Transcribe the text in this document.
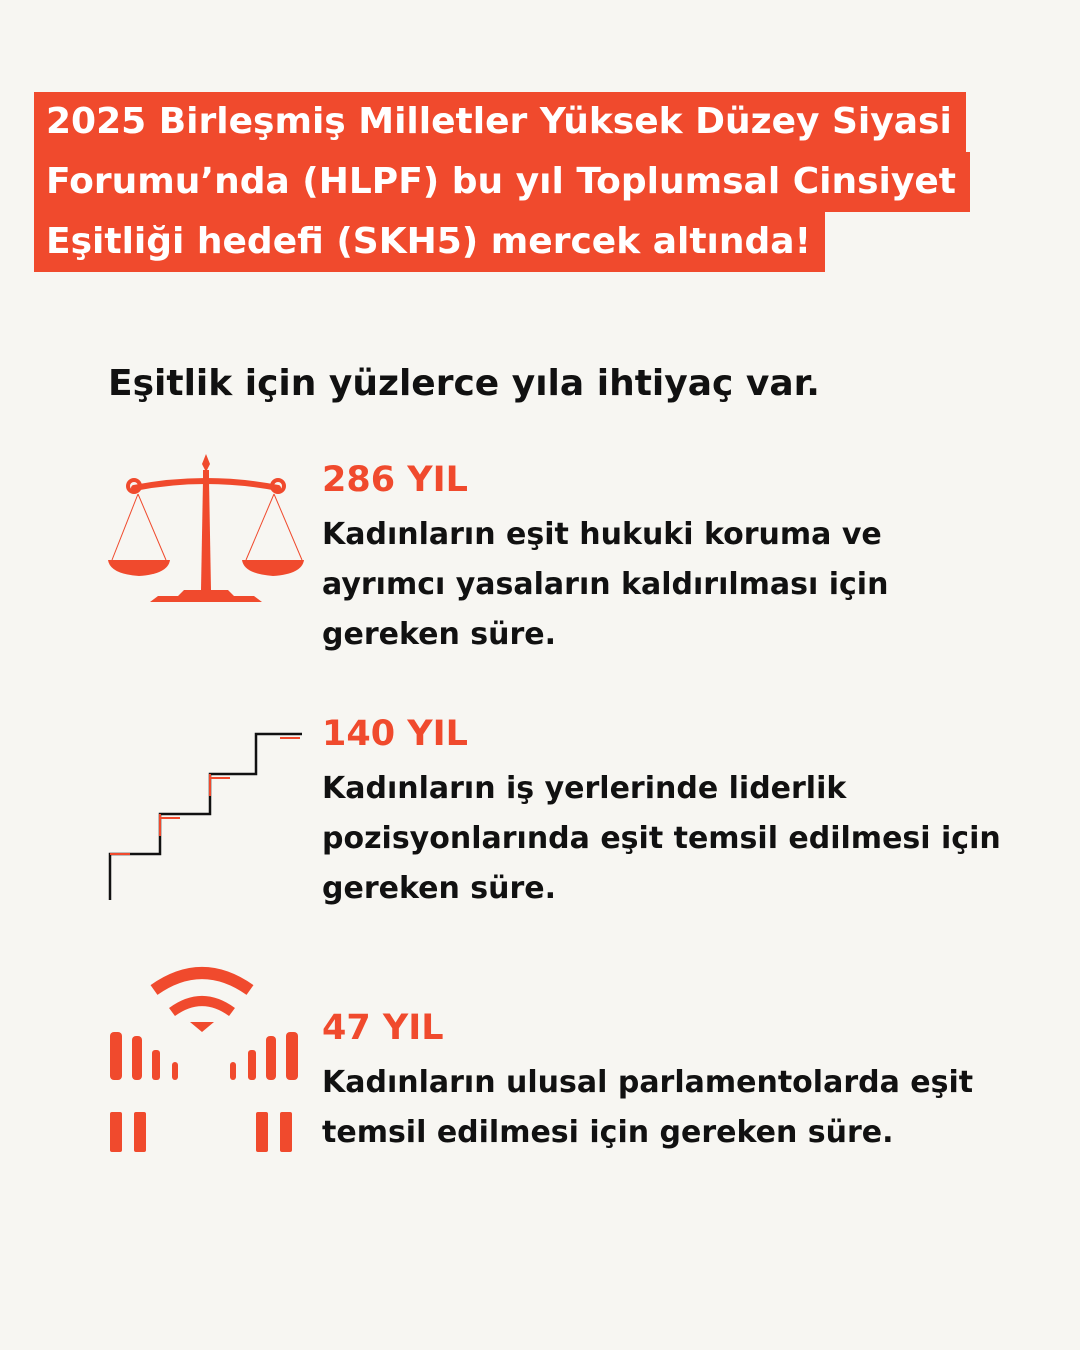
2025 Birleşmiş Milletler Yüksek Düzey Siyasi
Forumu’nda (HLPF) bu yıl Toplumsal Cinsiyet
Eşitliği hedefi (SKH5) mercek altında!
Eşitlik için yüzlerce yıla ihtiyaç var.
286 YIL
Kadınların eşit hukuki koruma ve
ayrımcı yasaların kaldırılması için
gereken süre.
140 YIL
Kadınların iş yerlerinde liderlik
pozisyonlarında eşit temsil edilmesi için
gereken süre.
47 YIL
Kadınların ulusal parlamentolarda eşit
temsil edilmesi için gereken süre.
